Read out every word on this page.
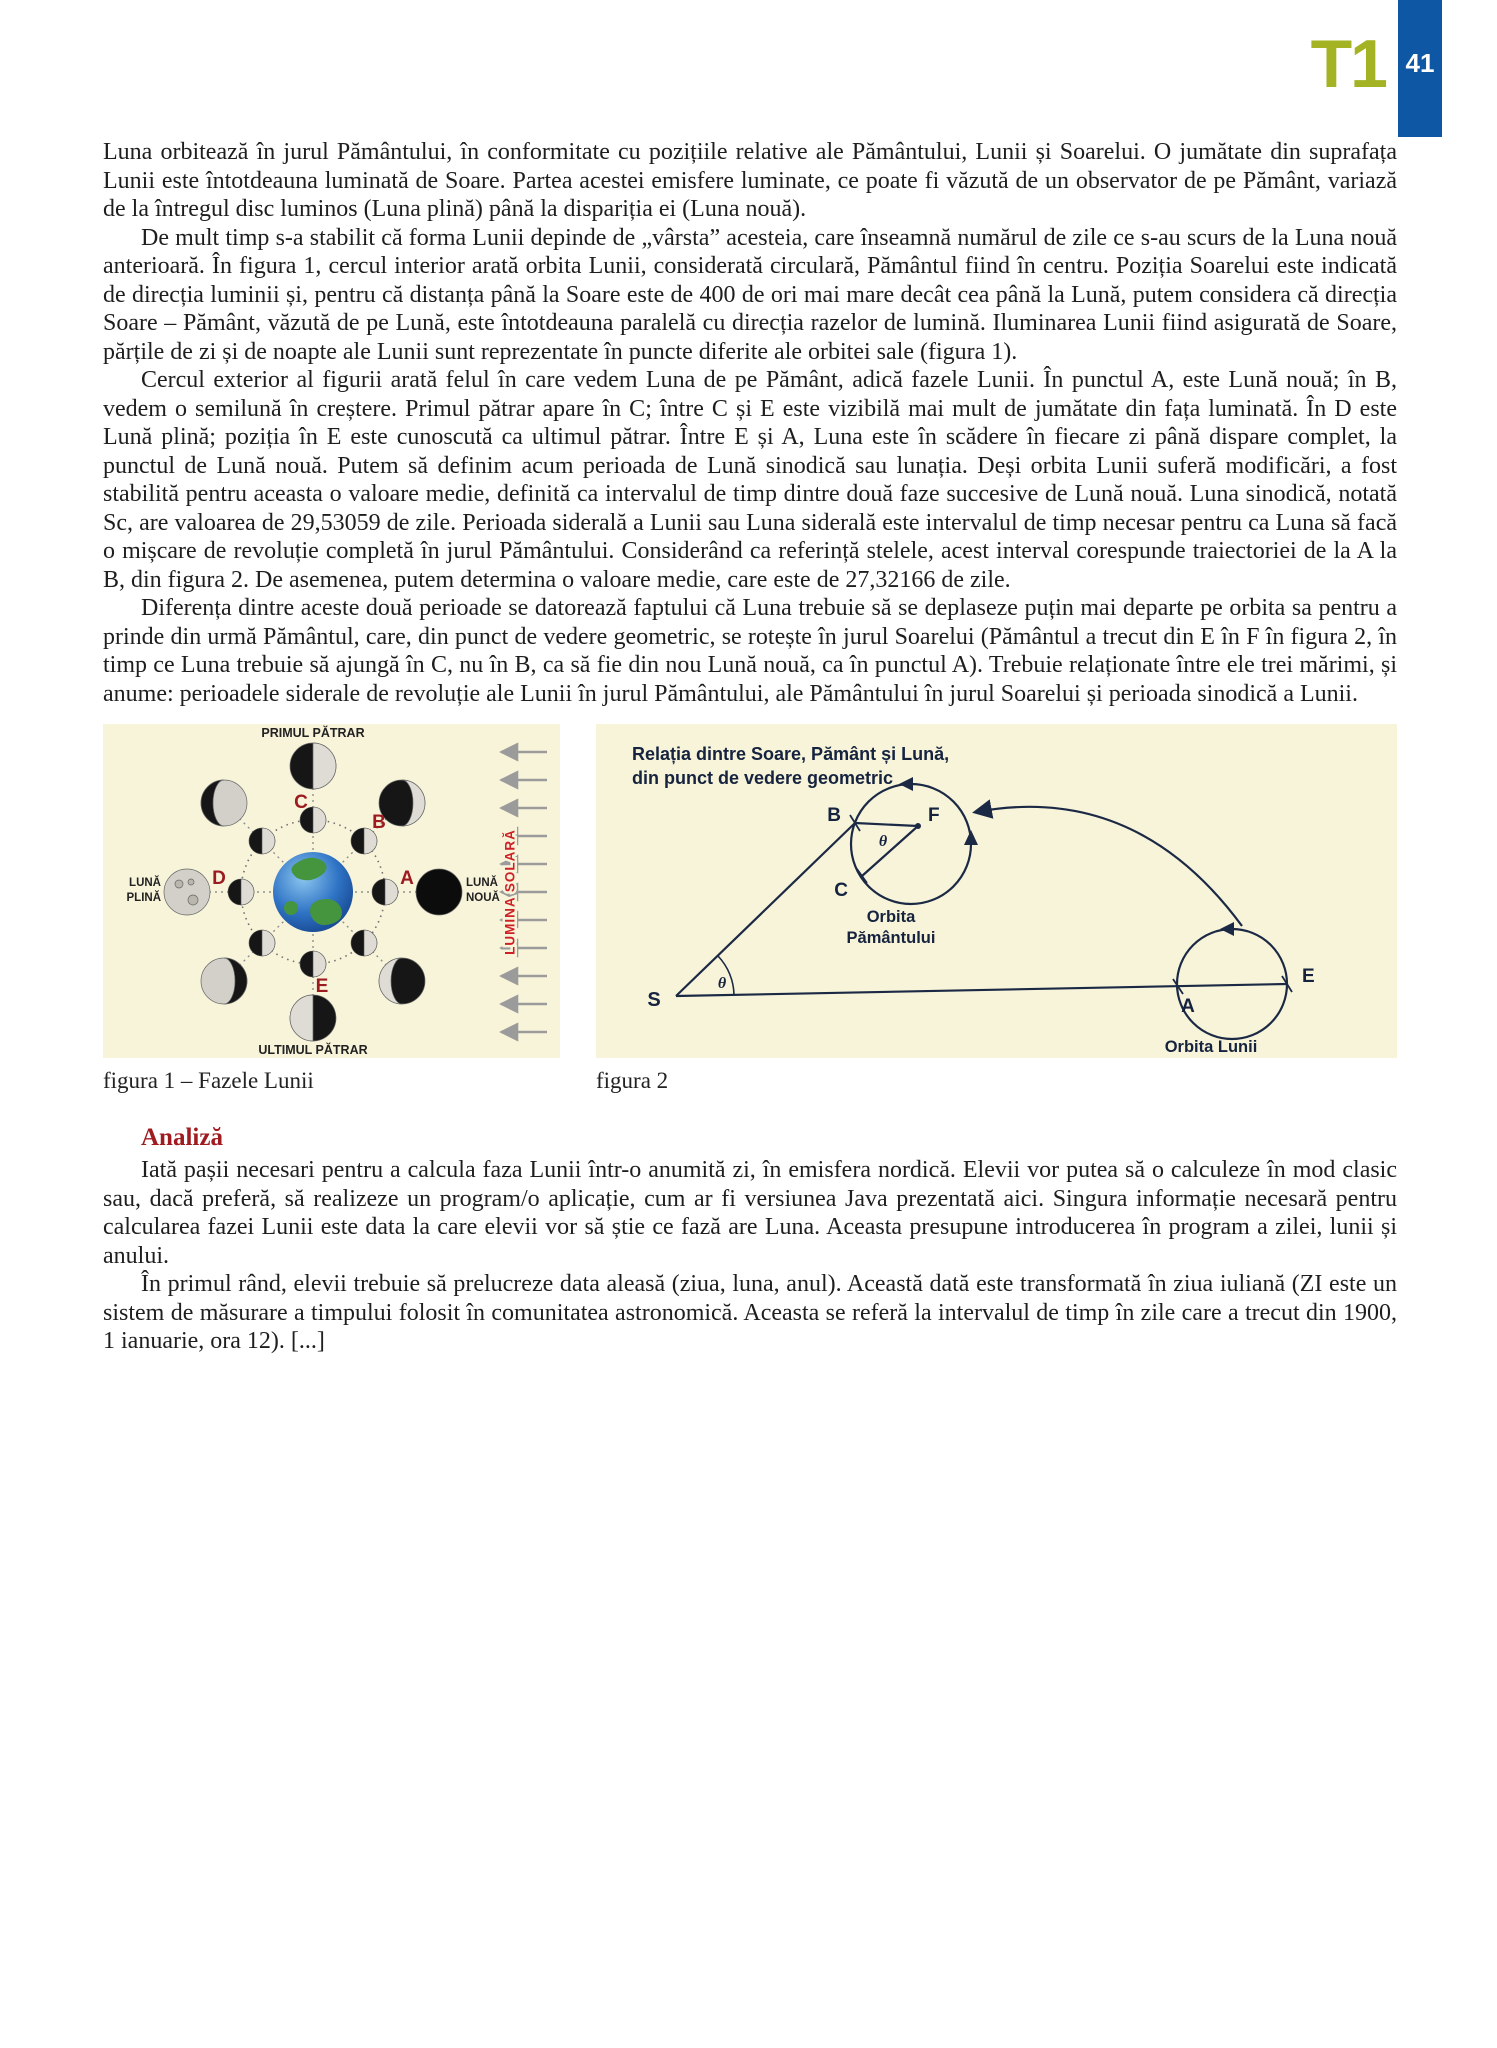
41
T1

Luna orbitează în jurul Pământului, în conformitate cu pozițiile relative ale Pământului, Lunii și Soarelui. O jumătate din suprafața Lunii este întotdeauna luminată de Soare. Partea acestei emisfere luminate, ce poate fi văzută de un observator de pe Pământ, variază de la întregul disc luminos (Luna plină) până la dispariția ei (Luna nouă).

De mult timp s-a stabilit că forma Lunii depinde de „vârsta” acesteia, care înseamnă numărul de zile ce s-au scurs de la Luna nouă anterioară. În figura 1, cercul interior arată orbita Lunii, considerată circulară, Pământul fiind în centru. Poziția Soarelui este indicată de direcția luminii și, pentru că distanța până la Soare este de 400 de ori mai mare decât cea până la Lună, putem considera că direcția Soare – Pământ, văzută de pe Lună, este întotdeauna paralelă cu direcția razelor de lumină. Iluminarea Lunii fiind asigurată de Soare, părțile de zi și de noapte ale Lunii sunt reprezentate în puncte diferite ale orbitei sale (figura 1).

Cercul exterior al figurii arată felul în care vedem Luna de pe Pământ, adică fazele Lunii. În punctul A, este Lună nouă; în B, vedem o semilună în creștere. Primul pătrar apare în C; între C și E este vizibilă mai mult de jumătate din fața luminată. În D este Lună plină; poziția în E este cunoscută ca ultimul pătrar. Între E și A, Luna este în scădere în fiecare zi până dispare complet, la punctul de Lună nouă. Putem să definim acum perioada de Lună sinodică sau lunația. Deși orbita Lunii suferă modificări, a fost stabilită pentru aceasta o valoare medie, definită ca intervalul de timp dintre două faze succesive de Lună nouă. Luna sinodică, notată Sc, are valoarea de 29,53059 de zile. Perioada siderală a Lunii sau Luna siderală este intervalul de timp necesar pentru ca Luna să facă o mișcare de revoluție completă în jurul Pământului. Considerând ca referință stelele, acest interval corespunde traiectoriei de la A la B, din figura 2. De asemenea, putem determina o valoare medie, care este de 27,32166 de zile.

Diferența dintre aceste două perioade se datorează faptului că Luna trebuie să se deplaseze puțin mai departe pe orbita sa pentru a prinde din urmă Pământul, care, din punct de vedere geometric, se rotește în jurul Soarelui (Pământul a trecut din E în F în figura 2, în timp ce Luna trebuie să ajungă în C, nu în B, ca să fie din nou Lună nouă, ca în punctul A). Trebuie relaționate între ele trei mărimi, și anume: perioadele siderale de revoluție ale Lunii în jurul Pământului, ale Pământului în jurul Soarelui și perioada sinodică a Lunii.

LUMINA SOLARĂ
C
B
A
D
E
PRIMUL PĂTRAR
ULTIMUL PĂTRAR
LUNĂ
PLINĂ
LUNĂ
NOUĂ
Relația dintre Soare, Pământ și Lună,
din punct de vedere geometric
B	F
C
S	A
E
θ
θ
Orbita
Pământului
Orbita Lunii
figura 1 – Fazele Lunii	figura 2
Analiză

Iată pașii necesari pentru a calcula faza Lunii într-o anumită zi, în emisfera nordică. Elevii vor putea să o calculeze în mod clasic sau, dacă preferă, să realizeze un program/o aplicație, cum ar fi versiunea Java prezentată aici. Singura informație necesară pentru calcularea fazei Lunii este data la care elevii vor să știe ce fază are Luna. Aceasta presupune introducerea în program a zilei, lunii și anului.

În primul rând, elevii trebuie să prelucreze data aleasă (ziua, luna, anul). Această dată este transformată în ziua iuliană (ZI este un sistem de măsurare a timpului folosit în comunitatea astronomică. Aceasta se referă la intervalul de timp în zile care a trecut din 1900, 1 ianuarie, ora 12). [...]
